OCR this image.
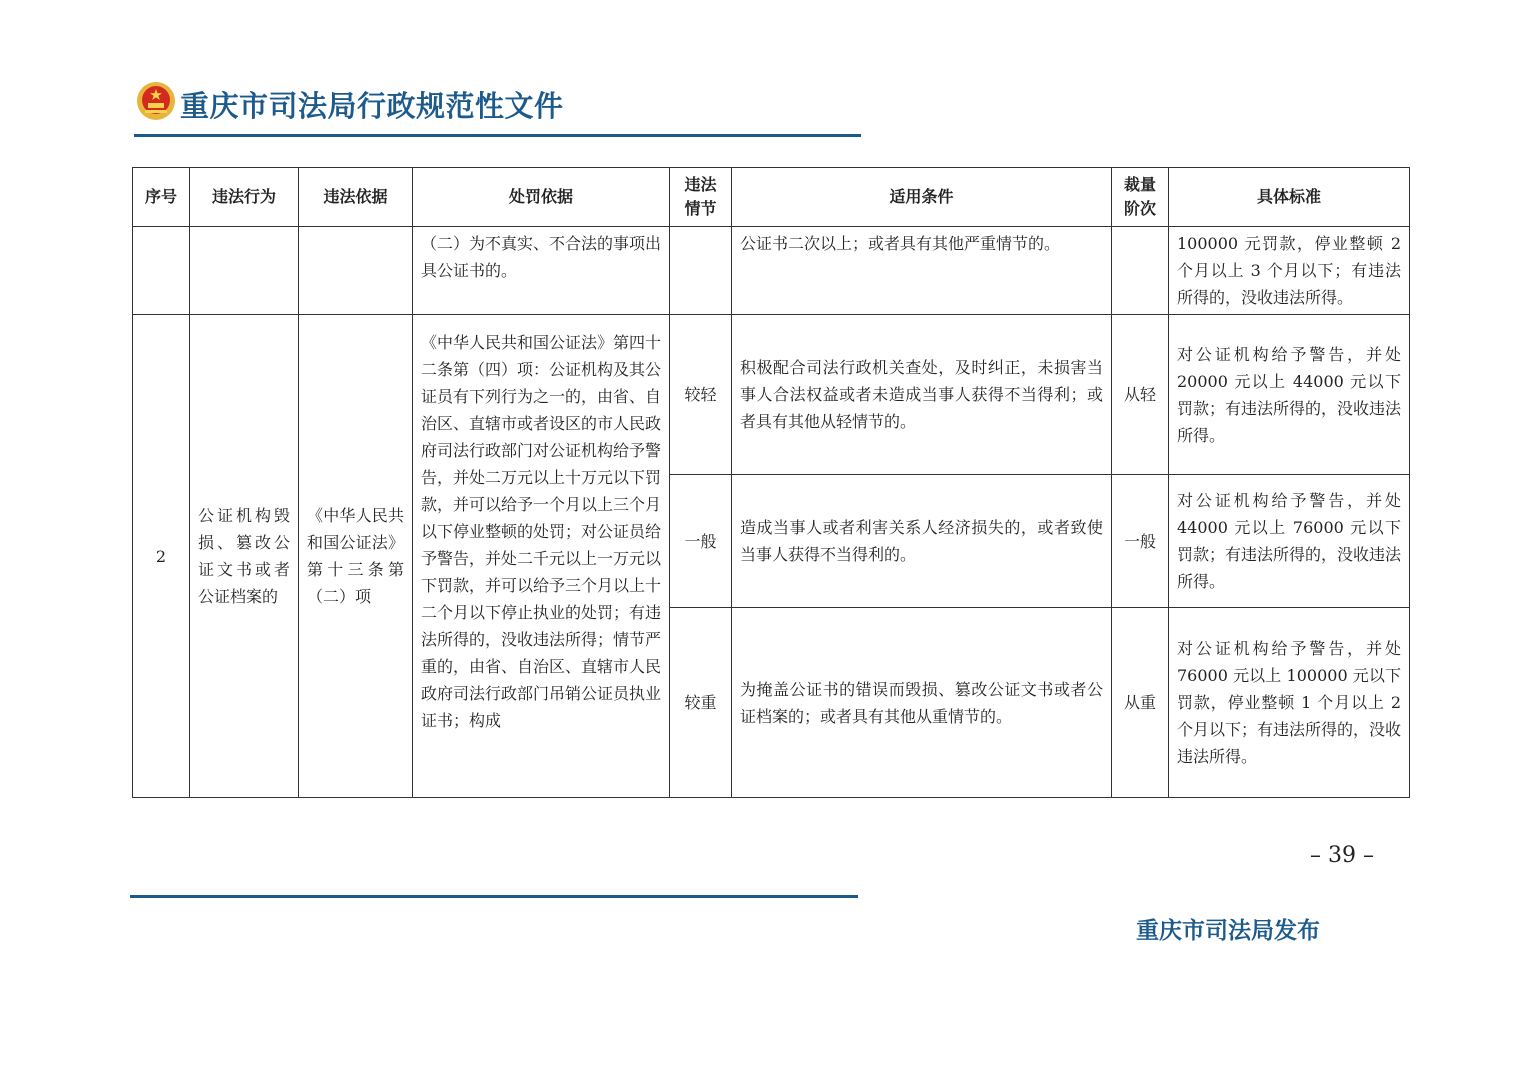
重庆市司法局行政规范性文件
序号	违法行为	违法依据	处罚依据	违法情节	适用条件	裁量阶次	具体标准
			（二）为不真实、不合法的事项出具公证书的。		公证书二次以上；或者具有其他严重情节的。		100000 元罚款，停业整顿 2 个月以上 3 个月以下；有违法所得的，没收违法所得。
2	公证机构毁损、篡改公证文书或者公证档案的	《中华人民共和国公证法》第十三条第（二）项	《中华人民共和国公证法》第四十二条第（四）项：公证机构及其公证员有下列行为之一的，由省、自治区、直辖市或者设区的市人民政府司法行政部门对公证机构给予警告，并处二万元以上十万元以下罚款，并可以给予一个月以上三个月以下停业整顿的处罚；对公证员给予警告，并处二千元以上一万元以下罚款，并可以给予三个月以上十二个月以下停止执业的处罚；有违法所得的，没收违法所得；情节严重的，由省、自治区、直辖市人民政府司法行政部门吊销公证员执业证书；构成	较轻	积极配合司法行政机关查处，及时纠正，未损害当事人合法权益或者未造成当事人获得不当得利；或者具有其他从轻情节的。	从轻	对公证机构给予警告，并处 20000 元以上 44000 元以下罚款；有违法所得的，没收违法所得。
				一般	造成当事人或者利害关系人经济损失的，或者致使当事人获得不当得利的。	一般	对公证机构给予警告，并处 44000 元以上 76000 元以下罚款；有违法所得的，没收违法所得。
				较重	为掩盖公证书的错误而毁损、篡改公证文书或者公证档案的；或者具有其他从重情节的。	从重	对公证机构给予警告，并处 76000 元以上 100000 元以下罚款，停业整顿 1 个月以上 2 个月以下；有违法所得的，没收违法所得。
– 39 –
重庆市司法局发布
